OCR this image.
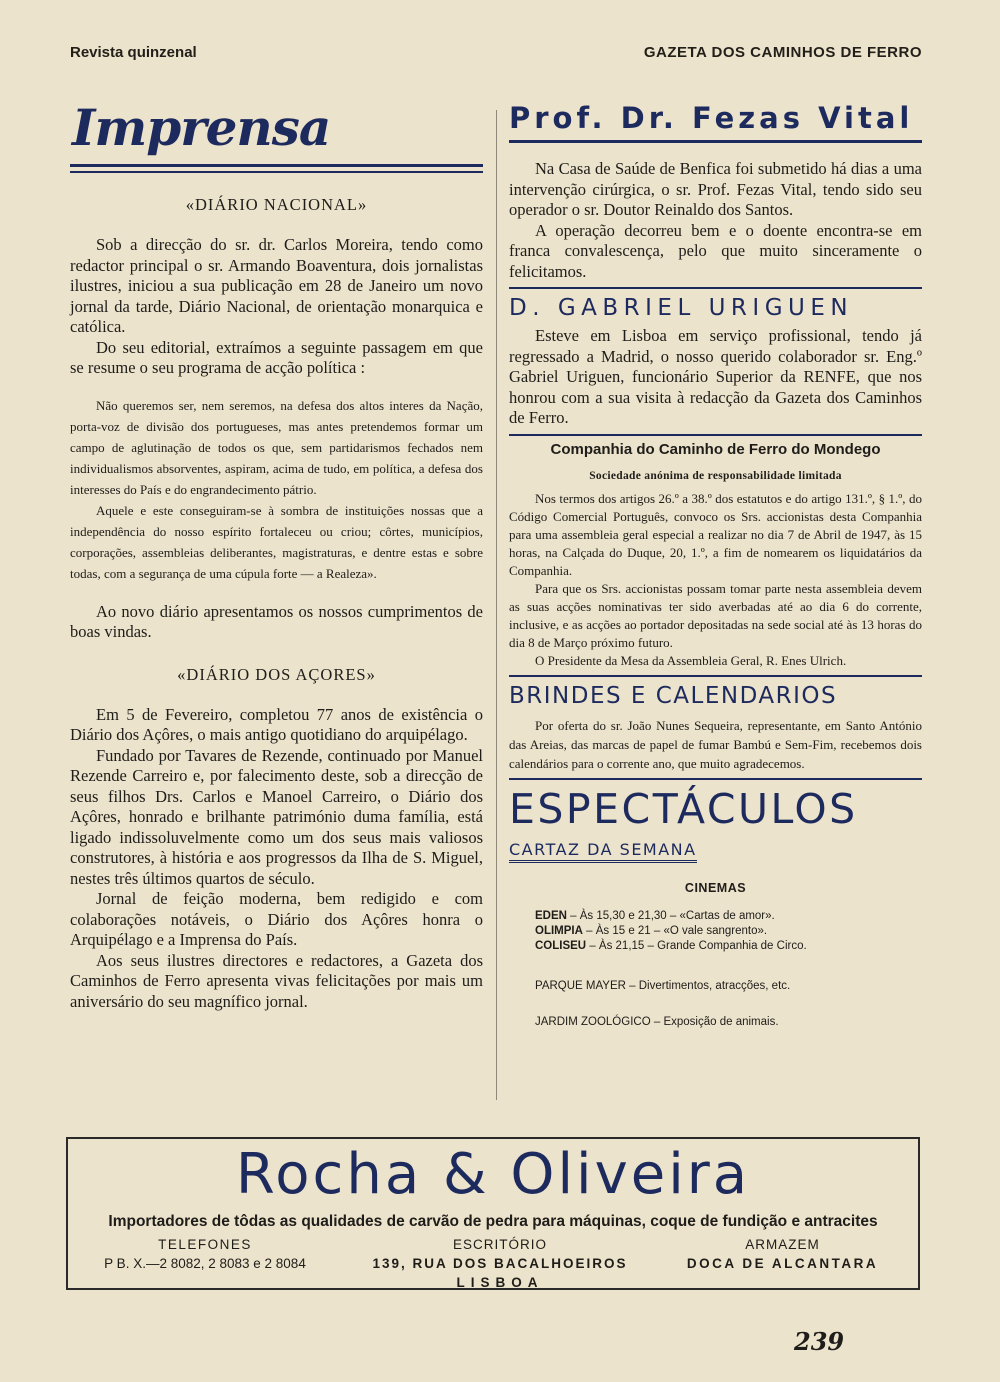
Revista quinzenal	GAZETA DOS CAMINHOS DE FERRO
Imprensa
«DIÁRIO NACIONAL»

Sob a direcção do sr. dr. Carlos Moreira, tendo como redactor principal o sr. Armando Boaventura, dois jornalistas ilustres, iniciou a sua publicação em 28 de Janeiro um novo jornal da tarde, Diário Nacional, de orientação monarquica e católica.

Do seu editorial, extraímos a seguinte passagem em que se resume o seu programa de acção política :

Não queremos ser, nem seremos, na defesa dos altos interes da Nação, porta-voz de divisão dos portugueses, mas antes pretendemos formar um campo de aglutinação de todos os que, sem partidarismos fechados nem individualismos absorventes, aspiram, acima de tudo, em política, a defesa dos interesses do País e do engrandecimento pátrio.

Aquele e este conseguiram-se à sombra de instituições nossas que a independência do nosso espírito fortaleceu ou criou; côrtes, municípios, corporações, assembleias deliberantes, magistraturas, e dentre estas e sobre todas, com a segurança de uma cúpula forte — a Realeza».

Ao novo diário apresentamos os nossos cumprimentos de boas vindas.

«DIÁRIO DOS AÇORES»

Em 5 de Fevereiro, completou 77 anos de existência o Diário dos Açôres, o mais antigo quotidiano do arquipélago.

Fundado por Tavares de Rezende, continuado por Manuel Rezende Carreiro e, por falecimento deste, sob a direcção de seus filhos Drs. Carlos e Manoel Carreiro, o Diário dos Açôres, honrado e brilhante património duma família, está ligado indissoluvelmente como um dos seus mais valiosos construtores, à história e aos progressos da Ilha de S. Miguel, nestes três últimos quartos de século.

Jornal de feição moderna, bem redigido e com colaborações notáveis, o Diário dos Açôres honra o Arquipélago e a Imprensa do País.

Aos seus ilustres directores e redactores, a Gazeta dos Caminhos de Ferro apresenta vivas felicitações por mais um aniversário do seu magnífico jornal.

Prof. Dr. Fezas Vital

Na Casa de Saúde de Benfica foi submetido há dias a uma intervenção cirúrgica, o sr. Prof. Fezas Vital, tendo sido seu operador o sr. Doutor Reinaldo dos Santos.

A operação decorreu bem e o doente encontra-se em franca convalescença, pelo que muito sinceramente o felicitamos.

D. GABRIEL URIGUEN

Esteve em Lisboa em serviço profissional, tendo já regressado a Madrid, o nosso querido colaborador sr. Eng.º Gabriel Uriguen, funcionário Superior da RENFE, que nos honrou com a sua visita à redacção da Gazeta dos Caminhos de Ferro.

Companhia do Caminho de Ferro do Mondego
Sociedade anónima de responsabilidade limitada

Nos termos dos artigos 26.º a 38.º dos estatutos e do artigo 131.º, § 1.º, do Código Comercial Português, convoco os Srs. accionistas desta Companhia para uma assembleia geral especial a realizar no dia 7 de Abril de 1947, às 15 horas, na Calçada do Duque, 20, 1.º, a fim de nomearem os liquidatários da Companhia.

Para que os Srs. accionistas possam tomar parte nesta assembleia devem as suas acções nominativas ter sido averbadas até ao dia 6 do corrente, inclusive, e as acções ao portador depositadas na sede social até às 13 horas do dia 8 de Março próximo futuro.

O Presidente da Mesa da Assembleia Geral, R. Enes Ulrich.

BRINDES E CALENDARIOS

Por oferta do sr. João Nunes Sequeira, representante, em Santo António das Areias, das marcas de papel de fumar Bambú e Sem-Fim, recebemos dois calendários para o corrente ano, que muito agradecemos.

ESPECTÁCULOS
CARTAZ DA SEMANA
CINEMAS
EDEN – Às 15,30 e 21,30 – «Cartas de amor».
OLIMPIA – Às 15 e 21 – «O vale sangrento».
COLISEU – Às 21,15 – Grande Companhia de Circo.
PARQUE MAYER – Divertimentos, atracções, etc.
JARDIM ZOOLÓGICO – Exposição de animais.
Rocha & Oliveira
Importadores de tôdas as qualidades de carvão de pedra para máquinas, coque de fundição e antracites
TELEFONES
P B. X.—2 8082, 2 8083 e 2 8084
ESCRITÓRIO
139, RUA DOS BACALHOEIROS
LISBOA
ARMAZEM
DOCA DE ALCANTARA
239
